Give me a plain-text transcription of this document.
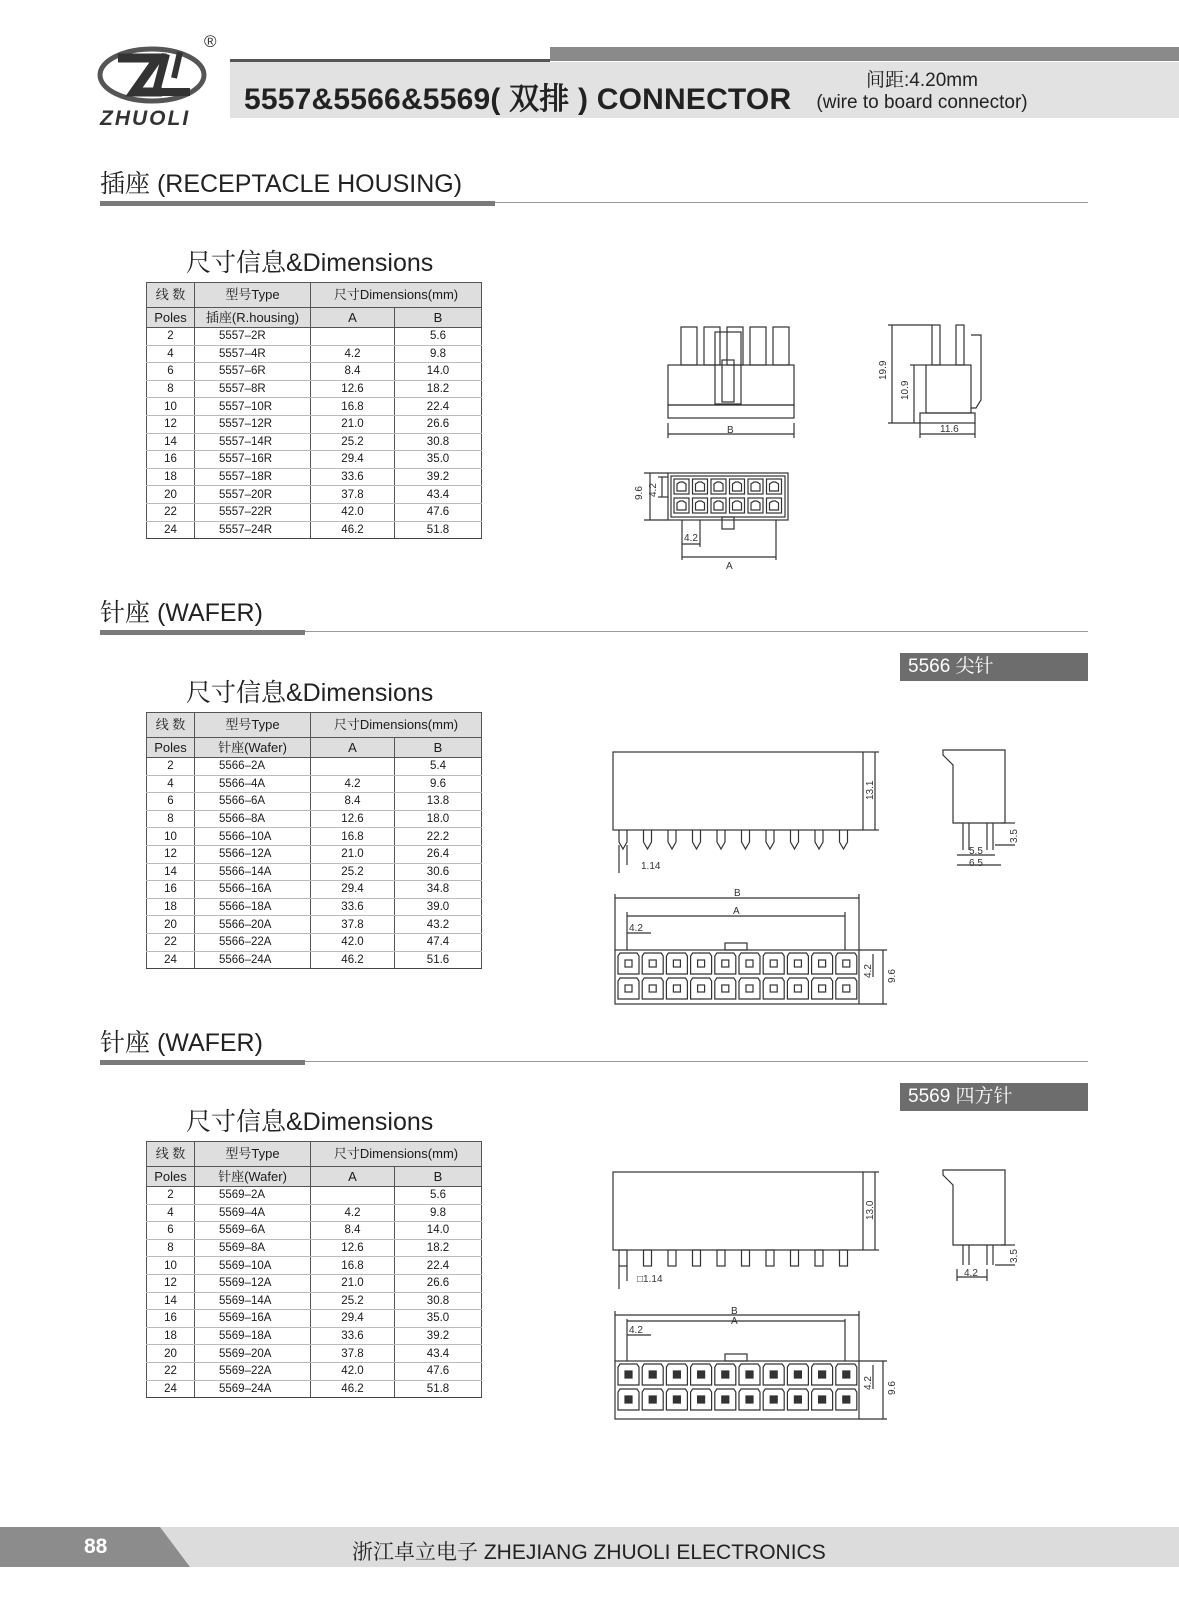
®
ZHUOLI
5557&5566&5569( 双排 ) CONNECTOR
间距:4.20mm
(wire to board connector)
插座 (RECEPTACLE HOUSING)
尺寸信息&Dimensions
线 数	型号Type	尺寸Dimensions(mm)	
Poles	插座(R.housing)	A	B
2	5557–2R		5.6
4	5557–4R	4.2	9.8
6	5557–6R	8.4	14.0
8	5557–8R	12.6	18.2
10	5557–10R	16.8	22.4
12	5557–12R	21.0	26.6
14	5557–14R	25.2	30.8
16	5557–16R	29.4	35.0
18	5557–18R	33.6	39.2
20	5557–20R	37.8	43.4
22	5557–22R	42.0	47.6
24	5557–24R	46.2	51.8
B
19.9
10.9
11.6
9.6 4.2
4.2
A
针座 (WAFER)
5566 尖针
尺寸信息&Dimensions
线 数	型号Type	尺寸Dimensions(mm)	
Poles	针座(Wafer)	A	B
2	5566–2A		5.4
4	5566–4A	4.2	9.6
6	5566–6A	8.4	13.8
8	5566–8A	12.6	18.0
10	5566–10A	16.8	22.2
12	5566–12A	21.0	26.4
14	5566–14A	25.2	30.6
16	5566–16A	29.4	34.8
18	5566–18A	33.6	39.0
20	5566–20A	37.8	43.2
22	5566–22A	42.0	47.4
24	5566–24A	46.2	51.6
13.1
1.14
5.5
6.5
3.5
B
A
4.2
4.2 9.6
针座 (WAFER)
5569 四方针
尺寸信息&Dimensions
线 数	型号Type	尺寸Dimensions(mm)	
Poles	针座(Wafer)	A	B
2	5569–2A		5.6
4	5569–4A	4.2	9.8
6	5569–6A	8.4	14.0
8	5569–8A	12.6	18.2
10	5569–10A	16.8	22.4
12	5569–12A	21.0	26.6
14	5569–14A	25.2	30.8
16	5569–16A	29.4	35.0
18	5569–18A	33.6	39.2
20	5569–20A	37.8	43.4
22	5569–22A	42.0	47.6
24	5569–24A	46.2	51.8
13.0
□1.14
4.2
3.5
B
A
4.2
4.2 9.6
88	浙江卓立电子 ZHEJIANG ZHUOLI ELECTRONICS
